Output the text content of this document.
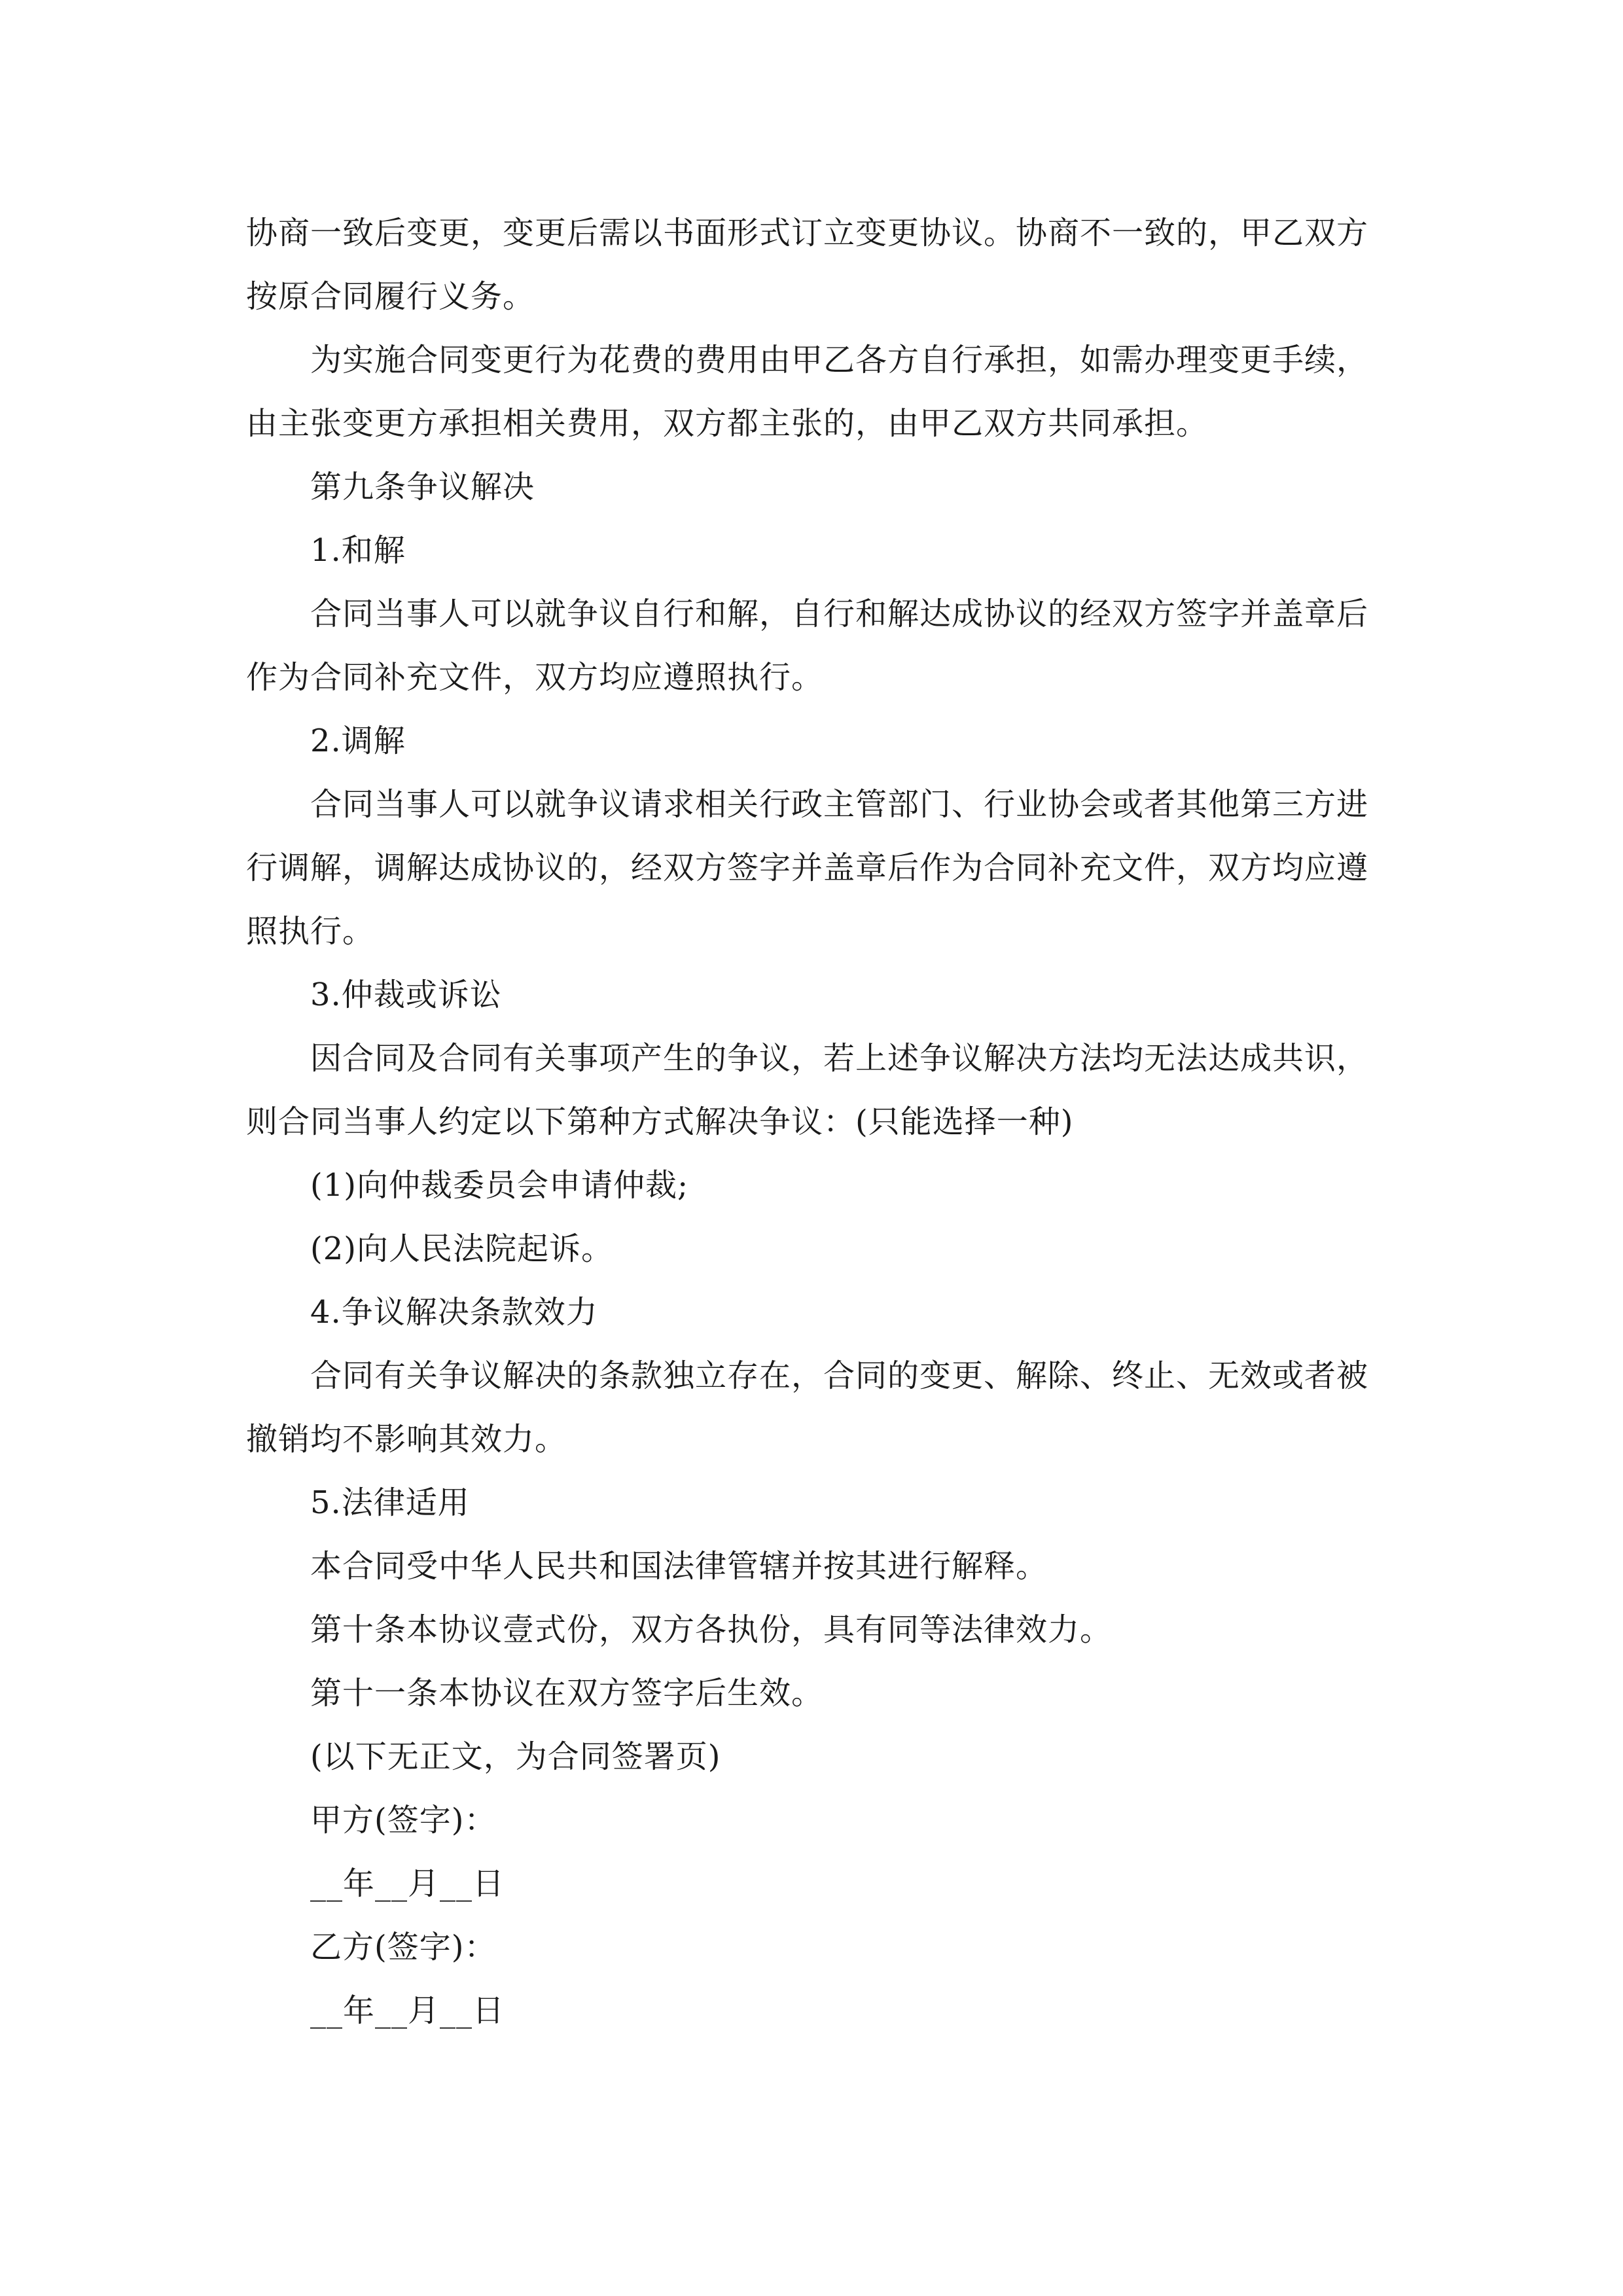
协商一致后变更，变更后需以书面形式订立变更协议。协商不一致的，甲乙双方
按原合同履行义务。
为实施合同变更行为花费的费用由甲乙各方自行承担，如需办理变更手续，
由主张变更方承担相关费用，双方都主张的，由甲乙双方共同承担。
第九条争议解决
1.和解
合同当事人可以就争议自行和解，自行和解达成协议的经双方签字并盖章后
作为合同补充文件，双方均应遵照执行。
2.调解
合同当事人可以就争议请求相关行政主管部门、行业协会或者其他第三方进
行调解，调解达成协议的，经双方签字并盖章后作为合同补充文件，双方均应遵
照执行。
3.仲裁或诉讼
因合同及合同有关事项产生的争议，若上述争议解决方法均无法达成共识，
则合同当事人约定以下第种方式解决争议：(只能选择一种)
(1)向仲裁委员会申请仲裁;
(2)向人民法院起诉。
4.争议解决条款效力
合同有关争议解决的条款独立存在，合同的变更、解除、终止、无效或者被
撤销均不影响其效力。
5.法律适用
本合同受中华人民共和国法律管辖并按其进行解释。
第十条本协议壹式份，双方各执份，具有同等法律效力。
第十一条本协议在双方签字后生效。
(以下无正文，为合同签署页)
甲方(签字)：
__年__月__日
乙方(签字)：
__年__月__日
